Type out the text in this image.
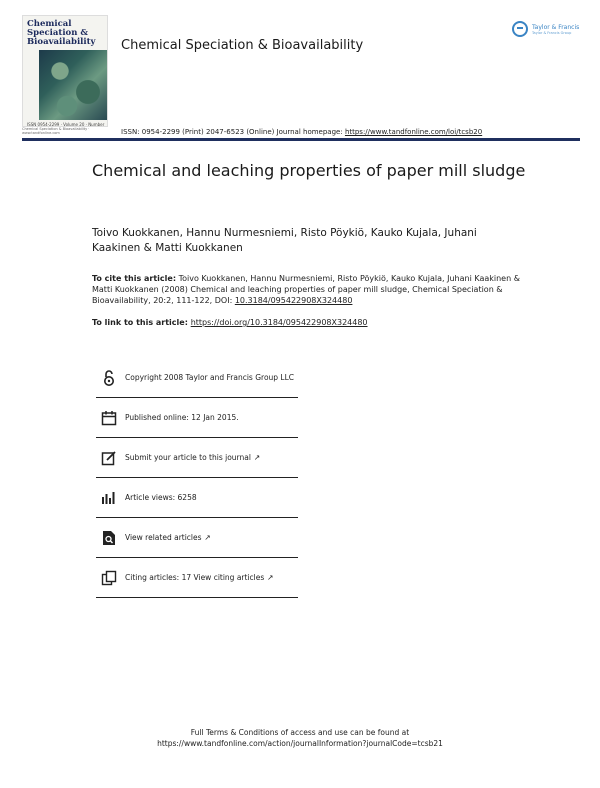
Chemical
Speciation &
Bioavailability
ISSN 0954-2299 · Volume 20 · Number
Chemical Speciation & Bioavailability · www.tandfonline.com
Chemical Speciation & Bioavailability
Taylor & Francis
Taylor & Francis Group
ISSN: 0954-2299 (Print) 2047-6523 (Online) Journal homepage: https://www.tandfonline.com/loi/tcsb20
Chemical and leaching properties of paper mill sludge
Toivo Kuokkanen, Hannu Nurmesniemi, Risto Pöykiö, Kauko Kujala, Juhani Kaakinen & Matti Kuokkanen
To cite this article: Toivo Kuokkanen, Hannu Nurmesniemi, Risto Pöykiö, Kauko Kujala, Juhani Kaakinen & Matti Kuokkanen (2008) Chemical and leaching properties of paper mill sludge, Chemical Speciation & Bioavailability, 20:2, 111-122, DOI: 10.3184/095422908X324480
To link to this article: https://doi.org/10.3184/095422908X324480
Copyright 2008 Taylor and Francis Group LLC
Published online: 12 Jan 2015.
Submit your article to this journal ↗
Article views: 6258
View related articles ↗
Citing articles: 17 View citing articles ↗
Full Terms & Conditions of access and use can be found at
https://www.tandfonline.com/action/journalInformation?journalCode=tcsb21
